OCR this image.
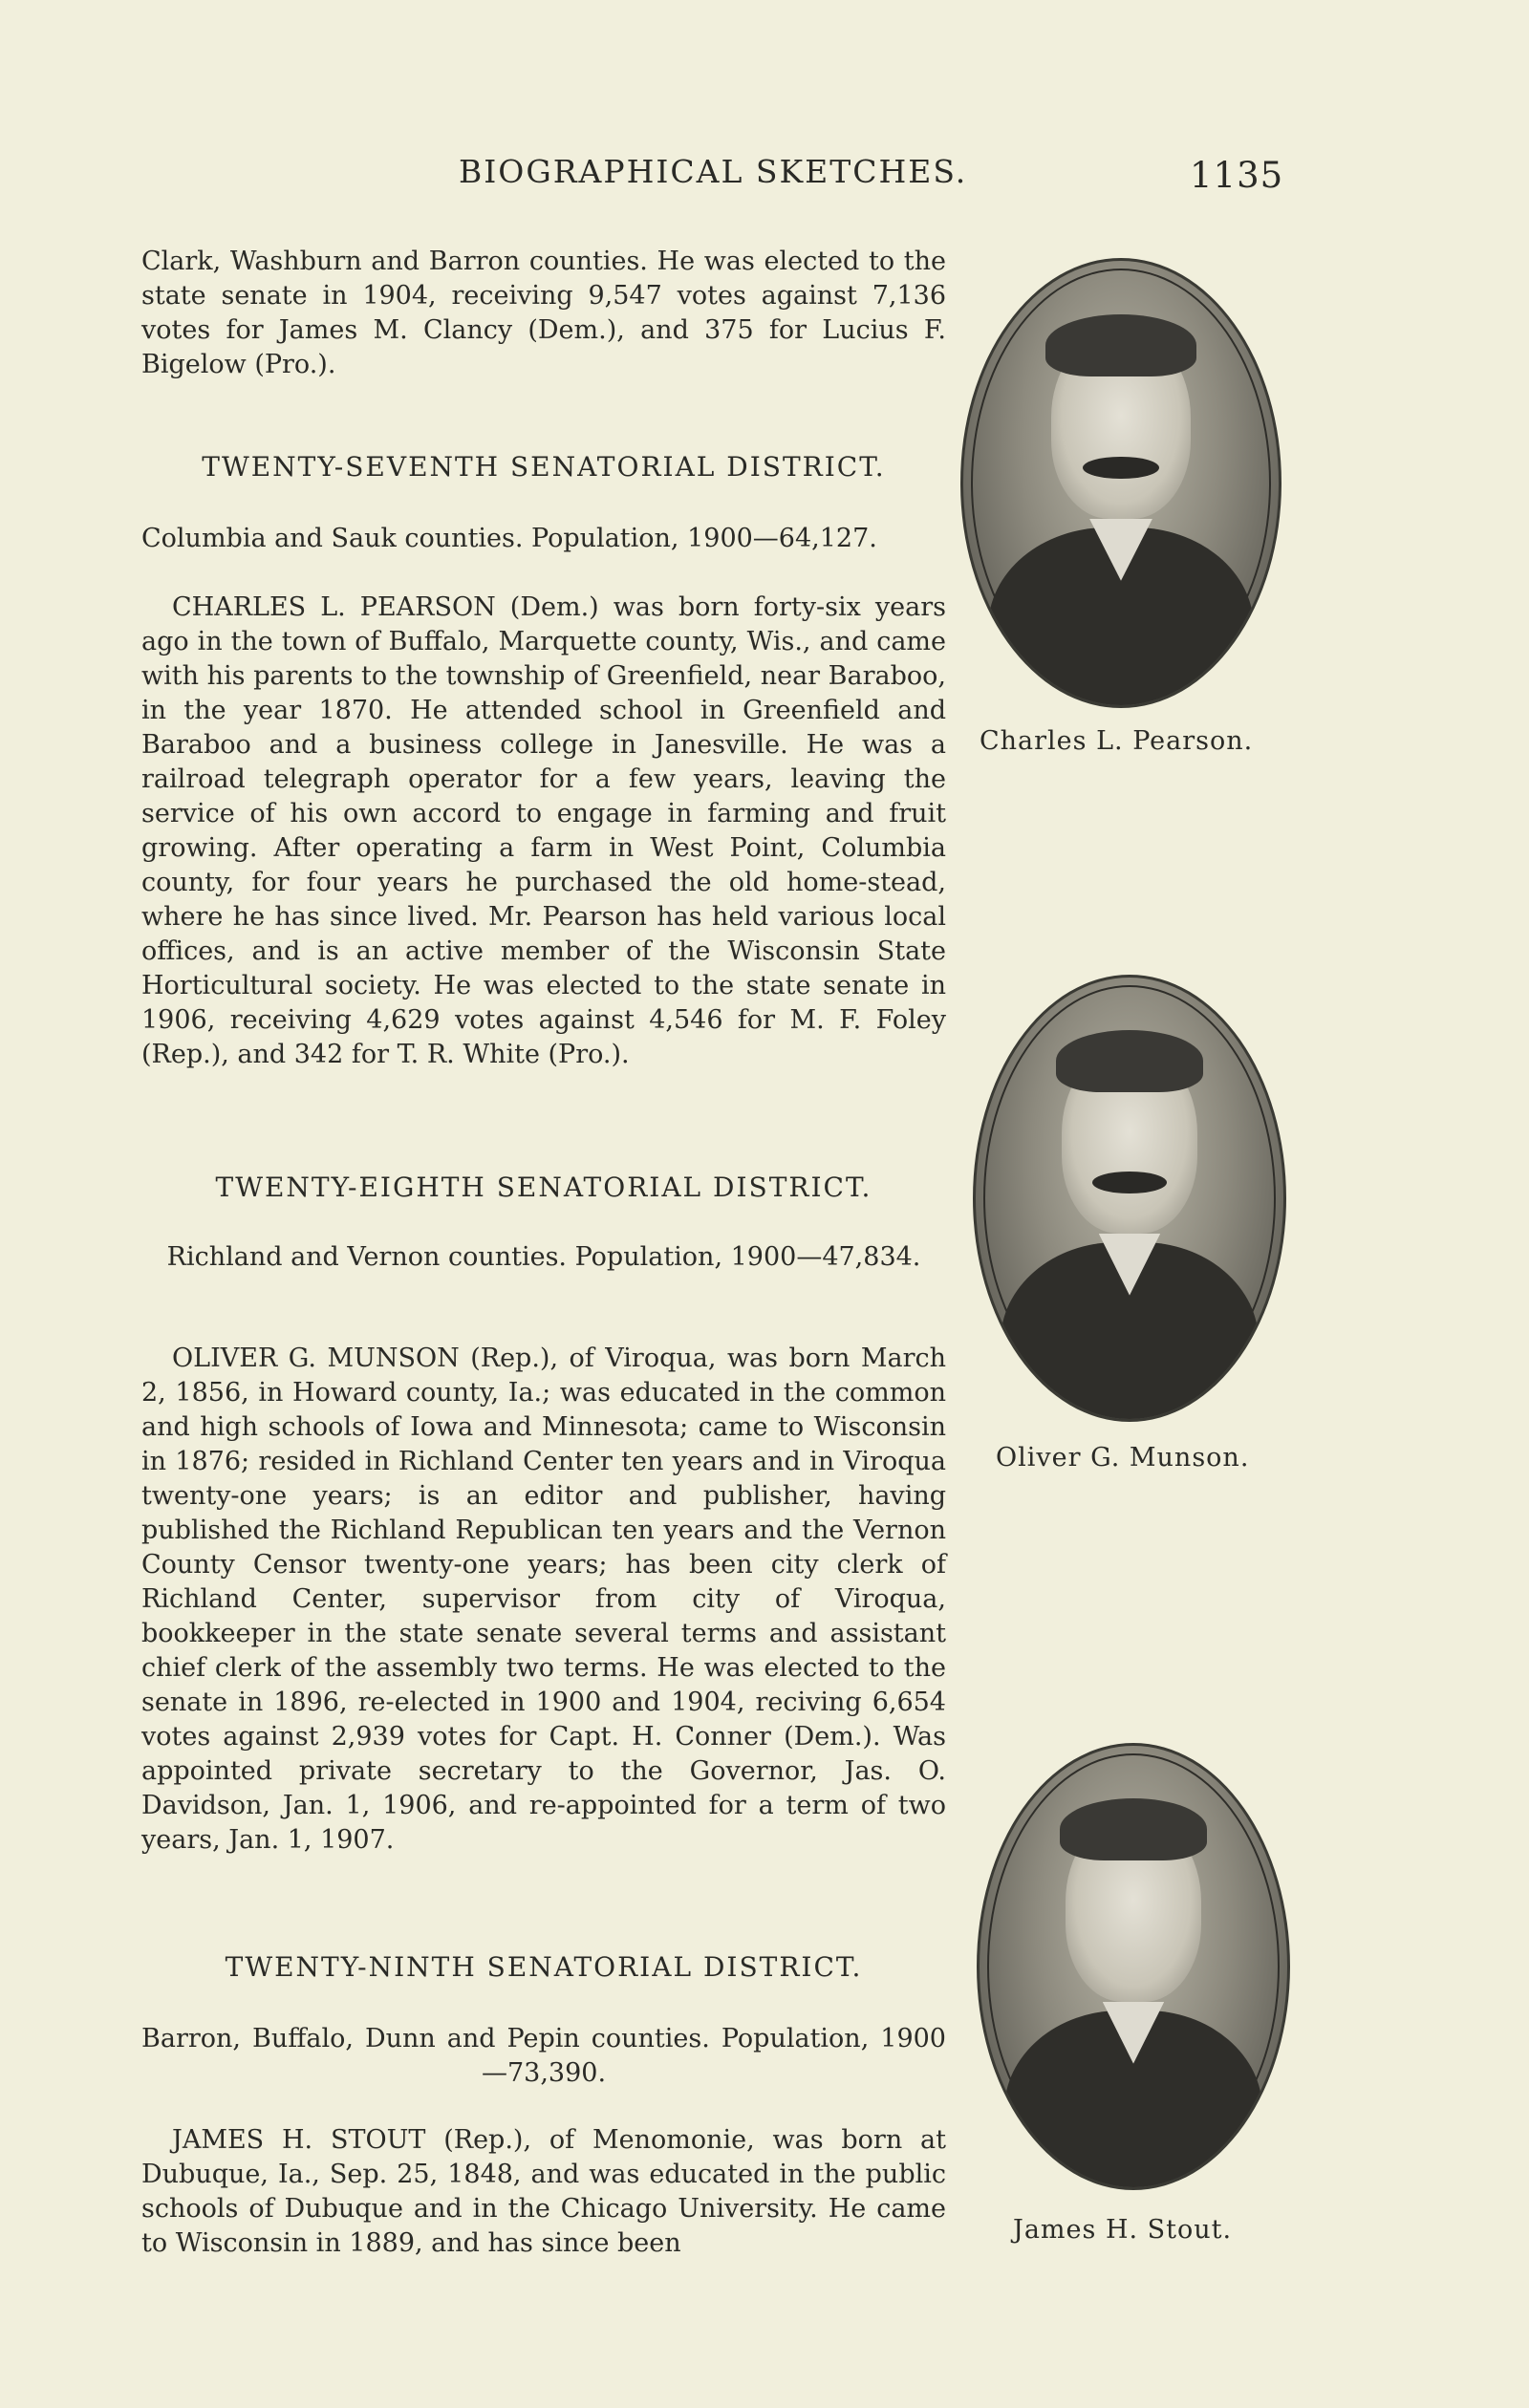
BIOGRAPHICAL SKETCHES.	1135

Clark, Washburn and Barron counties. He was elected to the state senate in 1904, receiving 9,547 votes against 7,136 votes for James M. Clancy (Dem.), and 375 for Lucius F. Bigelow (Pro.).

TWENTY-SEVENTH SENATORIAL DISTRICT.
Columbia and Sauk counties. Population, 1900—64,127.

CHARLES L. PEARSON (Dem.) was born forty-six years ago in the town of Buffalo, Marquette county, Wis., and came with his parents to the township of Greenfield, near Baraboo, in the year 1870. He attended school in Greenfield and Baraboo and a business college in Janesville. He was a railroad telegraph operator for a few years, leaving the service of his own accord to engage in farming and fruit growing. After operating a farm in West Point, Columbia county, for four years he purchased the old home-stead, where he has since lived. Mr. Pearson has held various local offices, and is an active member of the Wisconsin State Horticultural society. He was elected to the state senate in 1906, receiving 4,629 votes against 4,546 for M. F. Foley (Rep.), and 342 for T. R. White (Pro.).

Charles L. Pearson.
TWENTY-EIGHTH SENATORIAL DISTRICT.
Richland and Vernon counties. Population, 1900—47,834.

OLIVER G. MUNSON (Rep.), of Viroqua, was born March 2, 1856, in Howard county, Ia.; was educated in the common and high schools of Iowa and Minnesota; came to Wisconsin in 1876; resided in Richland Center ten years and in Viroqua twenty-one years; is an editor and publisher, having published the Richland Republican ten years and the Vernon County Censor twenty-one years; has been city clerk of Richland Center, supervisor from city of Viroqua, bookkeeper in the state senate several terms and assistant chief clerk of the assembly two terms. He was elected to the senate in 1896, re-elected in 1900 and 1904, reciving 6,654 votes against 2,939 votes for Capt. H. Conner (Dem.). Was appointed private secretary to the Governor, Jas. O. Davidson, Jan. 1, 1906, and re-appointed for a term of two years, Jan. 1, 1907.

Oliver G. Munson.
TWENTY-NINTH SENATORIAL DISTRICT.
Barron, Buffalo, Dunn and Pepin counties. Population, 1900—73,390.

JAMES H. STOUT (Rep.), of Menomonie, was born at Dubuque, Ia., Sep. 25, 1848, and was educated in the public schools of Dubuque and in the Chicago University. He came to Wisconsin in 1889, and has since been	James H. Stout.
